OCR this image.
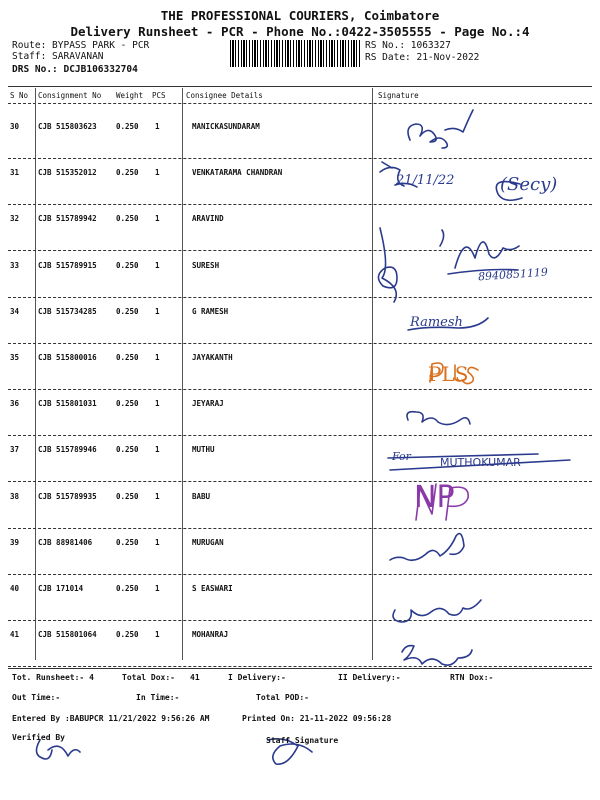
THE PROFESSIONAL COURIERS, Coimbatore
Delivery Runsheet - PCR - Phone No.:0422-3505555 - Page No.:4
Route: BYPASS PARK - PCR
Staff: SARAVANAN
DRS No.: DCJB106332704
RS No.: 1063327
RS Date: 21-Nov-2022
S No Consignment No Weight PCS	Consignee Details	Signature
30	CJB 515803623	0.250 1	MANICKASUNDARAM
31	CJB 515352012	0.250 1	VENKATARAMA CHANDRAN
32	CJB 515789942	0.250 1	ARAVIND
33	CJB 515789915	0.250 1	SURESH
34	CJB 515734285	0.250 1	G RAMESH
35	CJB 515800016	0.250 1	JAYAKANTH
36	CJB 515801031	0.250 1	JEYARAJ
37	CJB 515789946	0.250 1	MUTHU
38	CJB 515789935	0.250 1	BABU
39	CJB 88981406	0.250 1	MURUGAN
40	CJB 171014	0.250 1	S EASWARI
41	CJB 515801064	0.250 1	MOHANRAJ
21/11/22	(Secy)
8940851119
Ramesh
PLS
For	MUTHOKUMAR
NP
Tot. Runsheet:- 4	Total Dox:- 41	I Delivery:-	II Delivery:-	RTN Dox:-
Out Time:-	In Time:-	Total POD:-
Entered By :BABUPCR 11/21/2022 9:56:26 AM	Printed On: 21-11-2022 09:56:28
Verified By	Staff Signature
